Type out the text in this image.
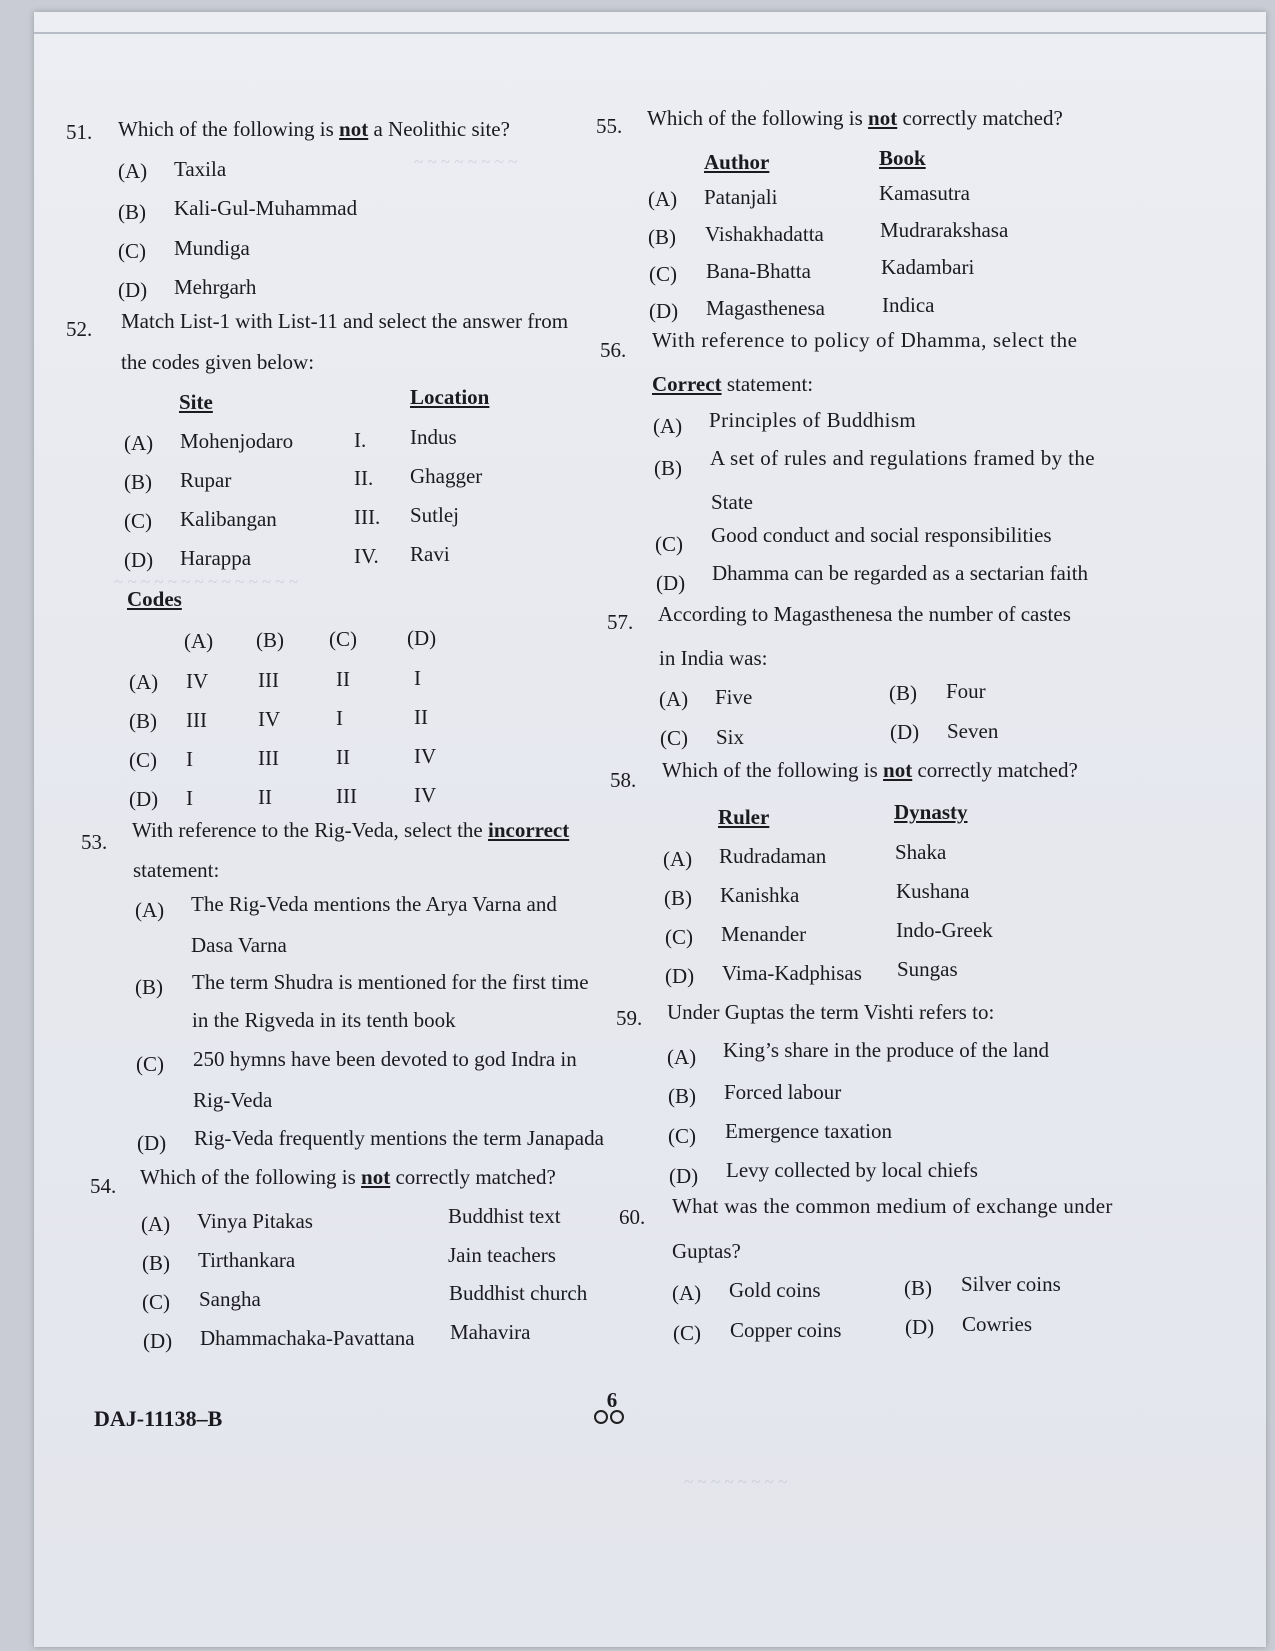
~ ~ ~ ~ ~ ~ ~ ~
~ ~ ~ ~ ~ ~ ~ ~ ~ ~ ~ ~ ~ ~
~ ~ ~ ~ ~ ~ ~ ~
51. Which of the following is not a Neolithic site?
(A) Taxila
(B) Kali-Gul-Muhammad
(C) Mundiga
(D) Mehrgarh
52. Match List-1 with List-11 and select the answer from
the codes given below:
Site	Location
(A) Mohenjodaro	I. Indus
(B) Rupar	II. Ghagger
(C) Kalibangan	III. Sutlej
(D) Harappa	IV. Ravi
Codes
(A) (B) (C) (D)
(A) IV III	II	I
(B) III IV	I	II
(C) I	III	II	IV
(D) I	II	III	IV
53. With reference to the Rig-Veda, select the incorrect
statement:
(A) The Rig-Veda mentions the Arya Varna and
Dasa Varna
(B) The term Shudra is mentioned for the first time
in the Rigveda in its tenth book
(C) 250 hymns have been devoted to god Indra in
Rig-Veda
(D) Rig-Veda frequently mentions the term Janapada
54. Which of the following is not correctly matched?
(A) Vinya Pitakas	Buddhist text
(B) Tirthankara	Jain teachers
(C) Sangha	Buddhist church
(D) Dhammachaka-Pavattana Mahavira
55. Which of the following is not correctly matched?
Author	Book
(A) Patanjali	Kamasutra
(B) Vishakhadatta	Mudrarakshasa
(C) Bana-Bhatta	Kadambari
(D) Magasthenesa	Indica
56. With reference to policy of Dhamma, select the
Correct statement:
(A) Principles of Buddhism
(B) A set of rules and regulations framed by the
State
(C) Good conduct and social responsibilities
(D) Dhamma can be regarded as a sectarian faith
57. According to Magasthenesa the number of castes
in India was:
(A) Five	(B) Four
(C) Six	(D) Seven
58. Which of the following is not correctly matched?
Ruler	Dynasty
(A) Rudradaman	Shaka
(B) Kanishka	Kushana
(C) Menander	Indo-Greek
(D) Vima-Kadphisas Sungas
59. Under Guptas the term Vishti refers to:
(A) King’s share in the produce of the land
(B) Forced labour
(C) Emergence taxation
(D) Levy collected by local chiefs
60. What was the common medium of exchange under
Guptas?
(A) Gold coins	(B) Silver coins
(C) Copper coins	(D) Cowries
DAJ-11138–B
6
